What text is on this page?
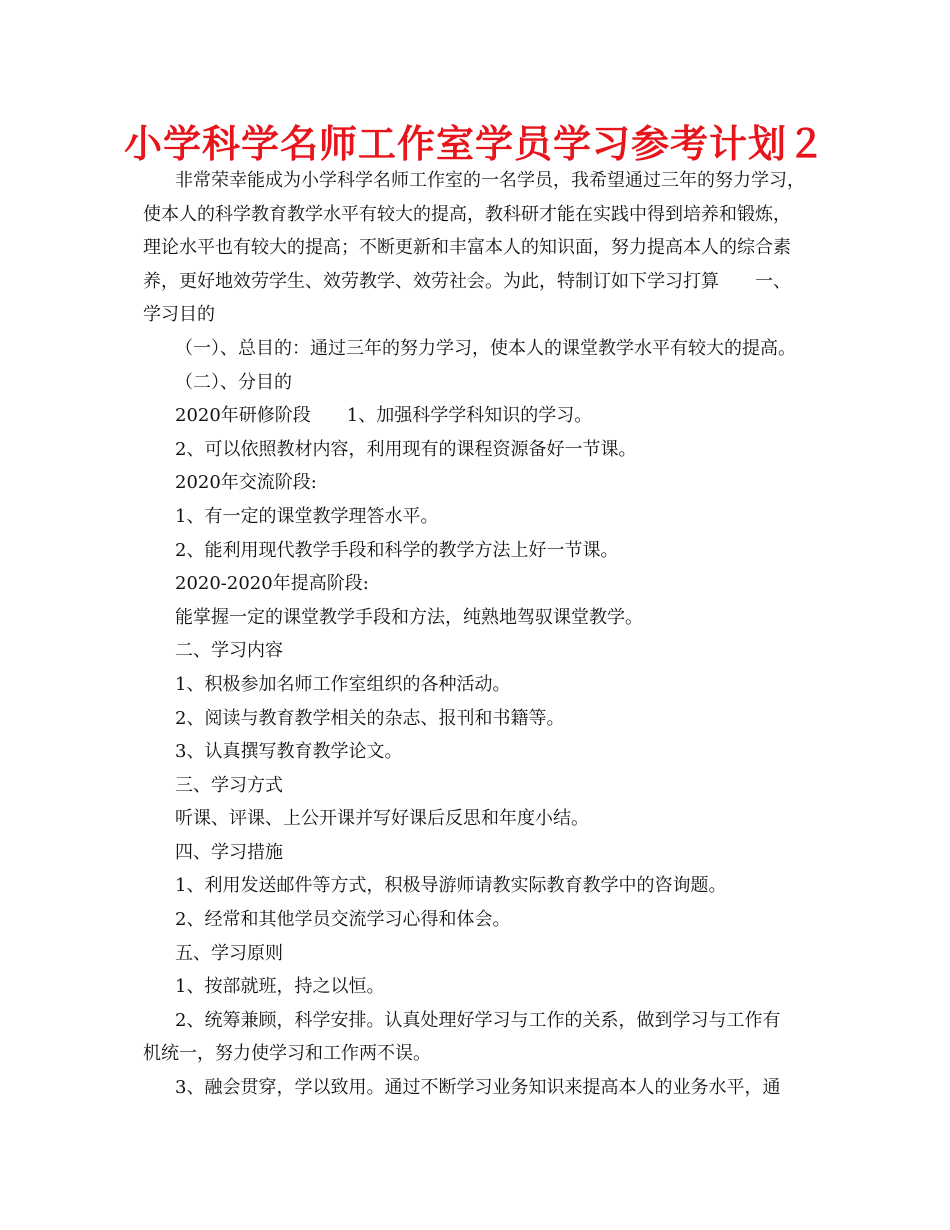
小学科学名师工作室学员学习参考计划２

非常荣幸能成为小学科学名师工作室的一名学员，我希望通过三年的努力学习，

使本人的科学教育教学水平有较大的提高，教科研才能在实践中得到培养和锻炼，

理论水平也有较大的提高；不断更新和丰富本人的知识面，努力提高本人的综合素

养，更好地效劳学生、效劳教学、效劳社会。为此，特制订如下学习打算　　一、

学习目的

（一）、总目的：通过三年的努力学习，使本人的课堂教学水平有较大的提高。

（二）、分目的

2020年研修阶段　　1、加强科学学科知识的学习。

2、可以依照教材内容，利用现有的课程资源备好一节课。

2020年交流阶段:

1、有一定的课堂教学理答水平。

2、能利用现代教学手段和科学的教学方法上好一节课。

2020-2020年提高阶段:

能掌握一定的课堂教学手段和方法，纯熟地驾驭课堂教学。

二、学习内容

1、积极参加名师工作室组织的各种活动。

2、阅读与教育教学相关的杂志、报刊和书籍等。

3、认真撰写教育教学论文。

三、学习方式

听课、评课、上公开课并写好课后反思和年度小结。

四、学习措施

1、利用发送邮件等方式，积极导游师请教实际教育教学中的咨询题。

2、经常和其他学员交流学习心得和体会。

五、学习原则

1、按部就班，持之以恒。

2、统筹兼顾，科学安排。认真处理好学习与工作的关系，做到学习与工作有

机统一，努力使学习和工作两不误。

3、融会贯穿，学以致用。通过不断学习业务知识来提高本人的业务水平，通
